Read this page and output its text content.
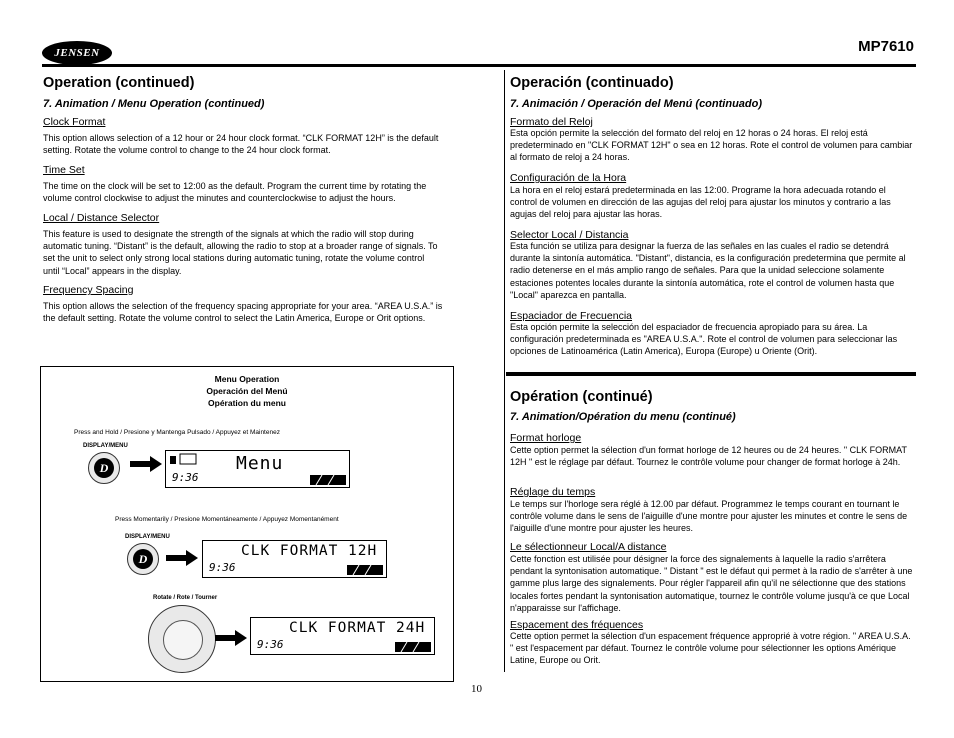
JENSEN	MP7610
Operation (continued)
7. Animation / Menu Operation (continued)
Clock Format
This option allows selection of a 12 hour or 24 hour clock format. “CLK FORMAT 12H” is the default setting. Rotate the volume control to change to the 24 hour clock format.
Time Set
The time on the clock will be set to 12:00 as the default. Program the current time by rotating the volume control clockwise to adjust the minutes and counterclockwise to adjust the hours.
Local / Distance Selector
This feature is used to designate the strength of the signals at which the radio will stop during automatic tuning. “Distant” is the default, allowing the radio to stop at a broader range of signals. To set the unit to select only strong local stations during automatic tuning, rotate the volume control until “Local” appears in the display.
Frequency Spacing
This option allows the selection of the frequency spacing appropriate for your area. “AREA U.S.A.” is the default setting. Rotate the volume control to select the Latin America, Europe or Orit options.
Menu Operation
Operación del Menú
Opération du menu
Press and Hold / Presione y Mantenga Pulsado / Appuyez et Maintenez
DISPLAY/MENU
D
9:36
Menu
Press Momentarily / Presione Momentáneamente / Appuyez Momentanément
DISPLAY/MENU
D
9:36
CLK FORMAT 12H
Rotate / Rote / Tourner
9:36
CLK FORMAT 24H
Operación (continuado)
7. Animación / Operación del Menú (continuado)
Formato del Reloj
Esta opción permite la selección del formato del reloj en 12 horas o 24 horas. El reloj está predeterminado en "CLK FORMAT 12H" o sea en 12 horas. Rote el control de volumen para cambiar al formato de reloj a 24 horas.
Configuración de la Hora
La hora en el reloj estará predeterminada en las 12:00. Programe la hora adecuada rotando el control de volumen en dirección de las agujas del reloj para ajustar los minutos y contrario a las agujas del reloj para ajustar las horas.
Selector Local / Distancia
Esta función se utiliza para designar la fuerza de las señales en las cuales el radio se detendrá durante la sintonía automática. "Distant", distancia, es la configuración predetermina que permite al radio detenerse en el más amplio rango de señales. Para que la unidad seleccione solamente estaciones potentes locales durante la sintonía automática, rote el control de volumen hasta que "Local" aparezca en pantalla.
Espaciador de Frecuencia
Esta opción permite la selección del espaciador de frecuencia apropiado para su área. La configuración predeterminada es "AREA U.S.A.". Rote el control de volumen para seleccionar las opciones de Latinoamérica (Latin America), Europa (Europe) u Oriente (Orit).
Opération (continué)
7. Animation/Opération du menu (continué)
Format horloge
Cette option permet la sélection d'un format horloge de 12 heures ou de 24 heures. " CLK FORMAT 12H " est le réglage par défaut. Tournez le contrôle volume pour changer de format horloge à 24h.
Réglage du temps
Le temps sur l'horloge sera réglé à 12.00 par défaut. Programmez le temps courant en tournant le contrôle volume dans le sens de l'aiguille d'une montre pour ajuster les minutes et contre le sens de l'aiguille d'une montre pour ajuster les heures.
Le sélectionneur Local/A distance
Cette fonction est utilisée pour désigner la force des signalements à laquelle la radio s'arrêtera pendant la syntonisation automatique. " Distant " est le défaut qui permet à la radio de s'arrêter à une gamme plus large des signalements. Pour régler l'appareil afin qu'il ne sélectionne que des stations locales fortes pendant la syntonisation automatique, tournez le contrôle volume jusqu'à ce que Local n'apparaisse sur l'affichage.
Espacement des fréquences
Cette option permet la sélection d'un espacement fréquence approprié à votre région. " AREA U.S.A. " est l'espacement par défaut. Tournez le contrôle volume pour sélectionner les options Amérique Latine, Europe ou Orit.
10
